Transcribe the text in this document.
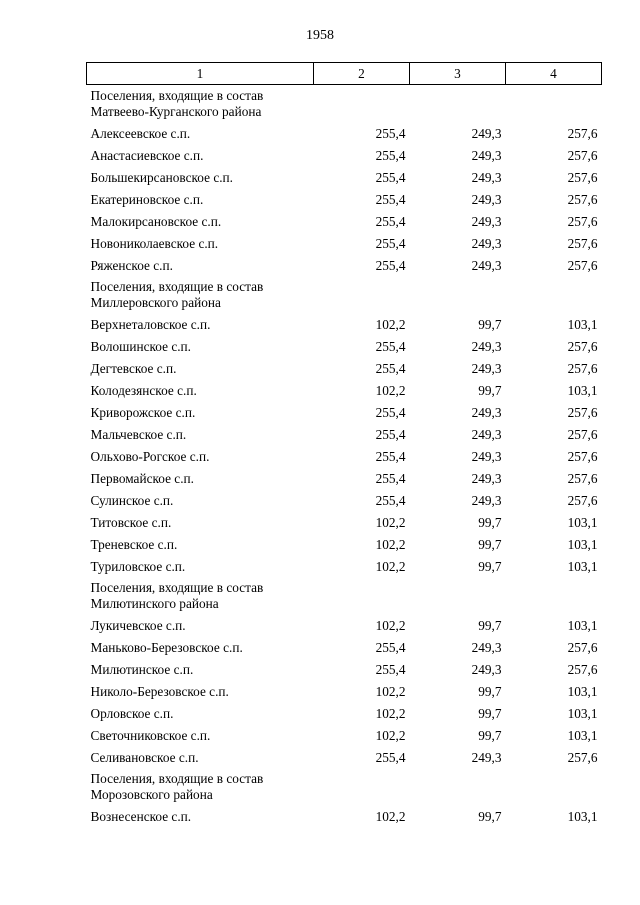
1958
1	2	3	4
Поселения, входящие в состав
Матвеево-Курганского района			
Алексеевское с.п.	255,4	249,3	257,6
Анастасиевское с.п.	255,4	249,3	257,6
Большекирсановское с.п.	255,4	249,3	257,6
Екатериновское с.п.	255,4	249,3	257,6
Малокирсановское с.п.	255,4	249,3	257,6
Новониколаевское с.п.	255,4	249,3	257,6
Ряженское с.п.	255,4	249,3	257,6
Поселения, входящие в состав
Миллеровского района			
Верхнеталовское с.п.	102,2	99,7	103,1
Волошинское с.п.	255,4	249,3	257,6
Дегтевское с.п.	255,4	249,3	257,6
Колодезянское с.п.	102,2	99,7	103,1
Криворожское с.п.	255,4	249,3	257,6
Мальчевское с.п.	255,4	249,3	257,6
Ольхово-Рогское с.п.	255,4	249,3	257,6
Первомайское с.п.	255,4	249,3	257,6
Сулинское с.п.	255,4	249,3	257,6
Титовское с.п.	102,2	99,7	103,1
Треневское с.п.	102,2	99,7	103,1
Туриловское с.п.	102,2	99,7	103,1
Поселения, входящие в состав
Милютинского района			
Лукичевское с.п.	102,2	99,7	103,1
Маньково-Березовское с.п.	255,4	249,3	257,6
Милютинское с.п.	255,4	249,3	257,6
Николо-Березовское с.п.	102,2	99,7	103,1
Орловское с.п.	102,2	99,7	103,1
Светочниковское с.п.	102,2	99,7	103,1
Селивановское с.п.	255,4	249,3	257,6
Поселения, входящие в состав
Морозовского района			
Вознесенское с.п.	102,2	99,7	103,1
